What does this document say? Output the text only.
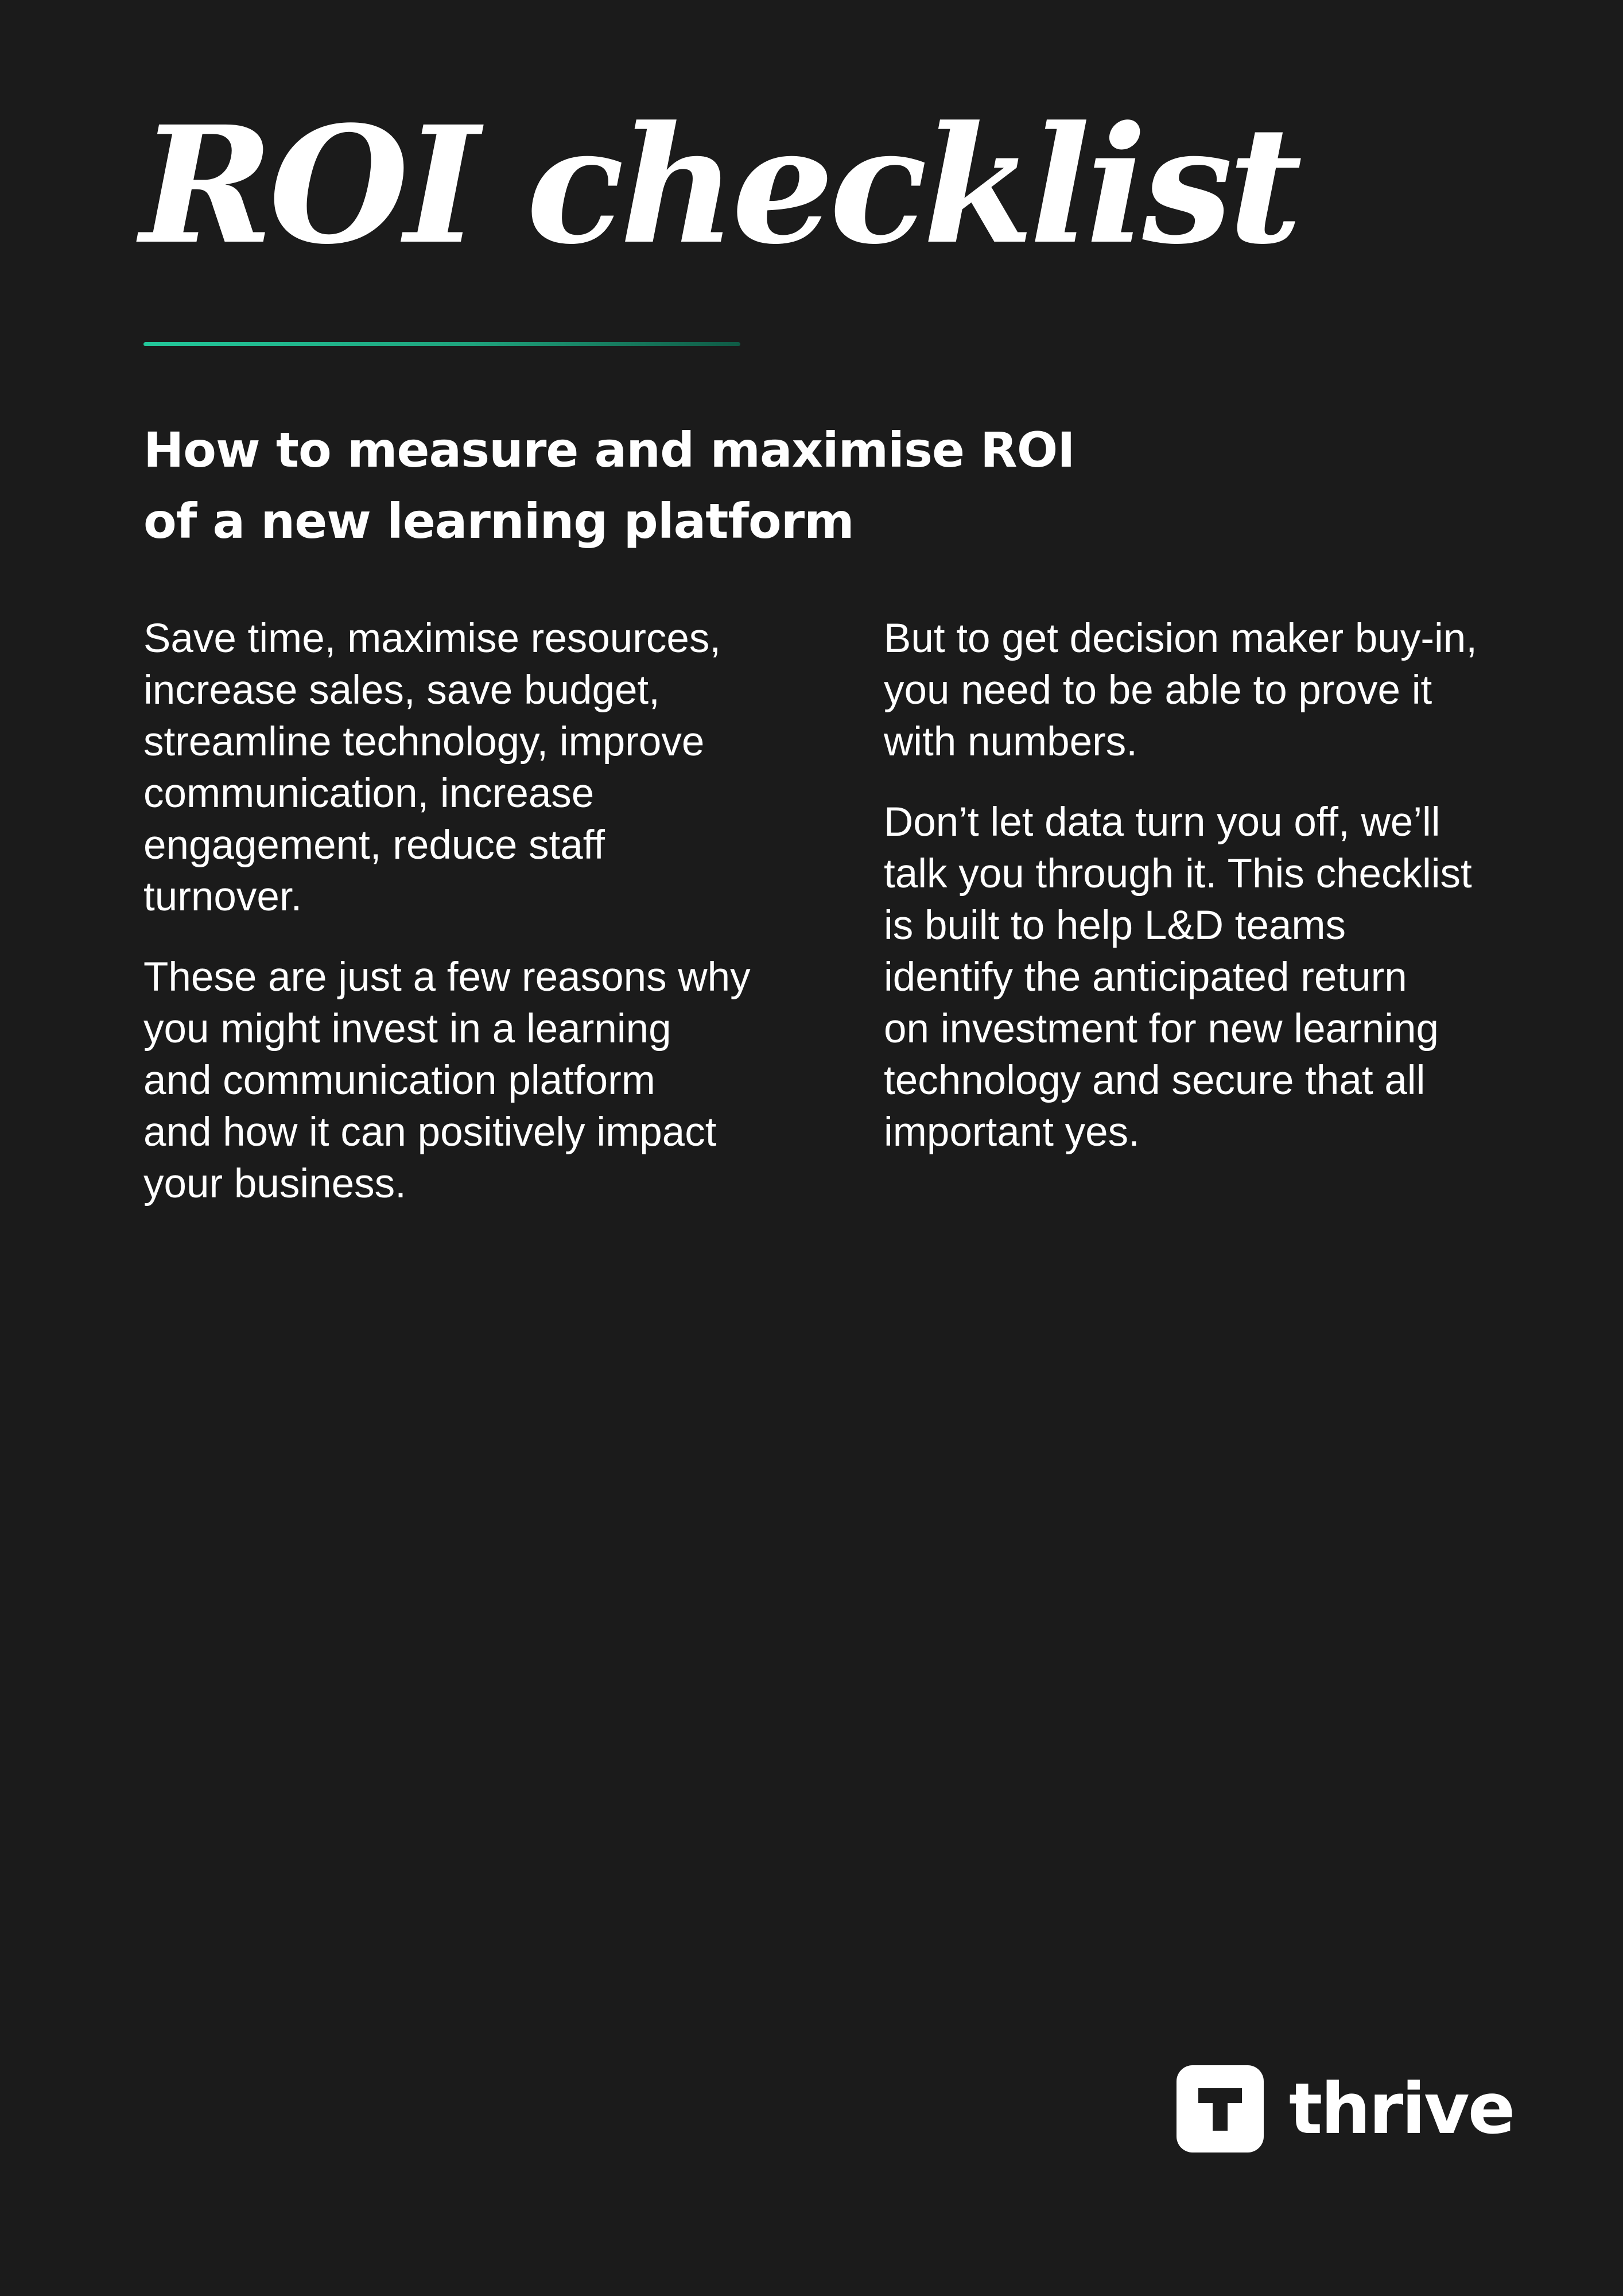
ROI checklist
How to measure and maximise ROI
of a new learning platform

Save time, maximise resources,
increase sales, save budget,
streamline technology, improve
communication, increase
engagement, reduce staff
turnover.

These are just a few reasons why
you might invest in a learning
and communication platform
and how it can positively impact
your business.

But to get decision maker buy-in,
you need to be able to prove it
with numbers.

Don’t let data turn you off, we’ll
talk you through it. This checklist
is built to help L&D teams
identify the anticipated return
on investment for new learning
technology and secure that all
important yes.

thrive
